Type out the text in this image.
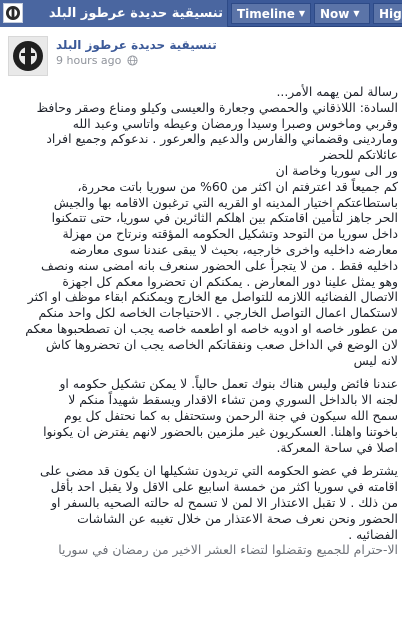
تنسيقية حديدة عرطوز البلد Timeline ▼ Now ▼ Hig
تنسيقية حديدة عرطوز البلد
9 hours ago

رسالة لمن يهمه الأمر...

السادة: اللاذقاني والحمصي وجعارة والعيسى وكيلو ومناع وصقر وحافظ

وقربي وماخوس وصبرا وسيدا ورمضان وعيطه واتاسي وعبد الله

وماردينى وقضماني والفارس والدعيم والعرعور . ندعوكم وجميع افراد

عائلاتكم للحضر

ور الى سوريا وخاصة ان

كم جميعاً قد اعترفتم ان اكثر من 60% من سوريا باتت محررة،

باستطاعتكم اختيار المدينه او القريه التي ترغبون الاقامه بها والجيش

الحر جاهز لتأمين اقامتكم بين اهلكم الثائرين في سوريا، حتى تتمكنوا

داخل سوريا من التوحد وتشكيل الحكومه المؤقته ونرتاح من مهزلة

معارضه داخليه واخرى خارجيه، بحيث لا يبقى عندنا سوى معارضه

داخليه فقط . من لا يتجرأ على الحضور سنعرف بانه امضى سنه ونصف

وهو يمثل علينا دور المعارض . يمكنكم ان تحضروا معكم كل اجهزة

الاتصال الفضائيه اللازمه للتواصل مع الخارج ويمكنكم ابقاء موظف او اكثر

لاستكمال اعمال التواصل الخارجي . الاحتياجات الخاصه لكل واحد منكم

من عطور خاصه او ادويه خاصه او اطعمه خاصه يجب ان تصطحبوها معكم

لان الوضع في الداخل صعب ونفقاتكم الخاصه يجب ان تحضروها كاش

لانه ليس

عندنا فائض وليس هناك بنوك تعمل حالياً. لا يمكن تشكيل حكومه او

لجنه الا بالداخل السوري ومن تشاء الاقدار ويسقط شهيداً منكم لا

سمح الله سيكون في جنة الرحمن وستحتفل به كما نحتفل كل يوم

باخوتنا واهلنا. العسكريون غير ملزمين بالحضور لانهم يفترض ان يكونوا

اصلا في ساحة المعركة.

يشترط في عضو الحكومه التي تريدون تشكيلها ان يكون قد مضى على

اقامته في سوريا اكثر من خمسة اسابيع على الاقل ولا يقبل احد بأقل

من ذلك . لا تقبل الاعتذار الا لمن لا تسمح له حالته الصحيه بالسفر او

الحضور ونحن نعرف صحة الاعتذار من خلال تغيبه عن الشاشات

الفضائيه .

الا-حترام للجميع وتقضلوا لتضاء العشر الاخير من رمضان في سوريا
